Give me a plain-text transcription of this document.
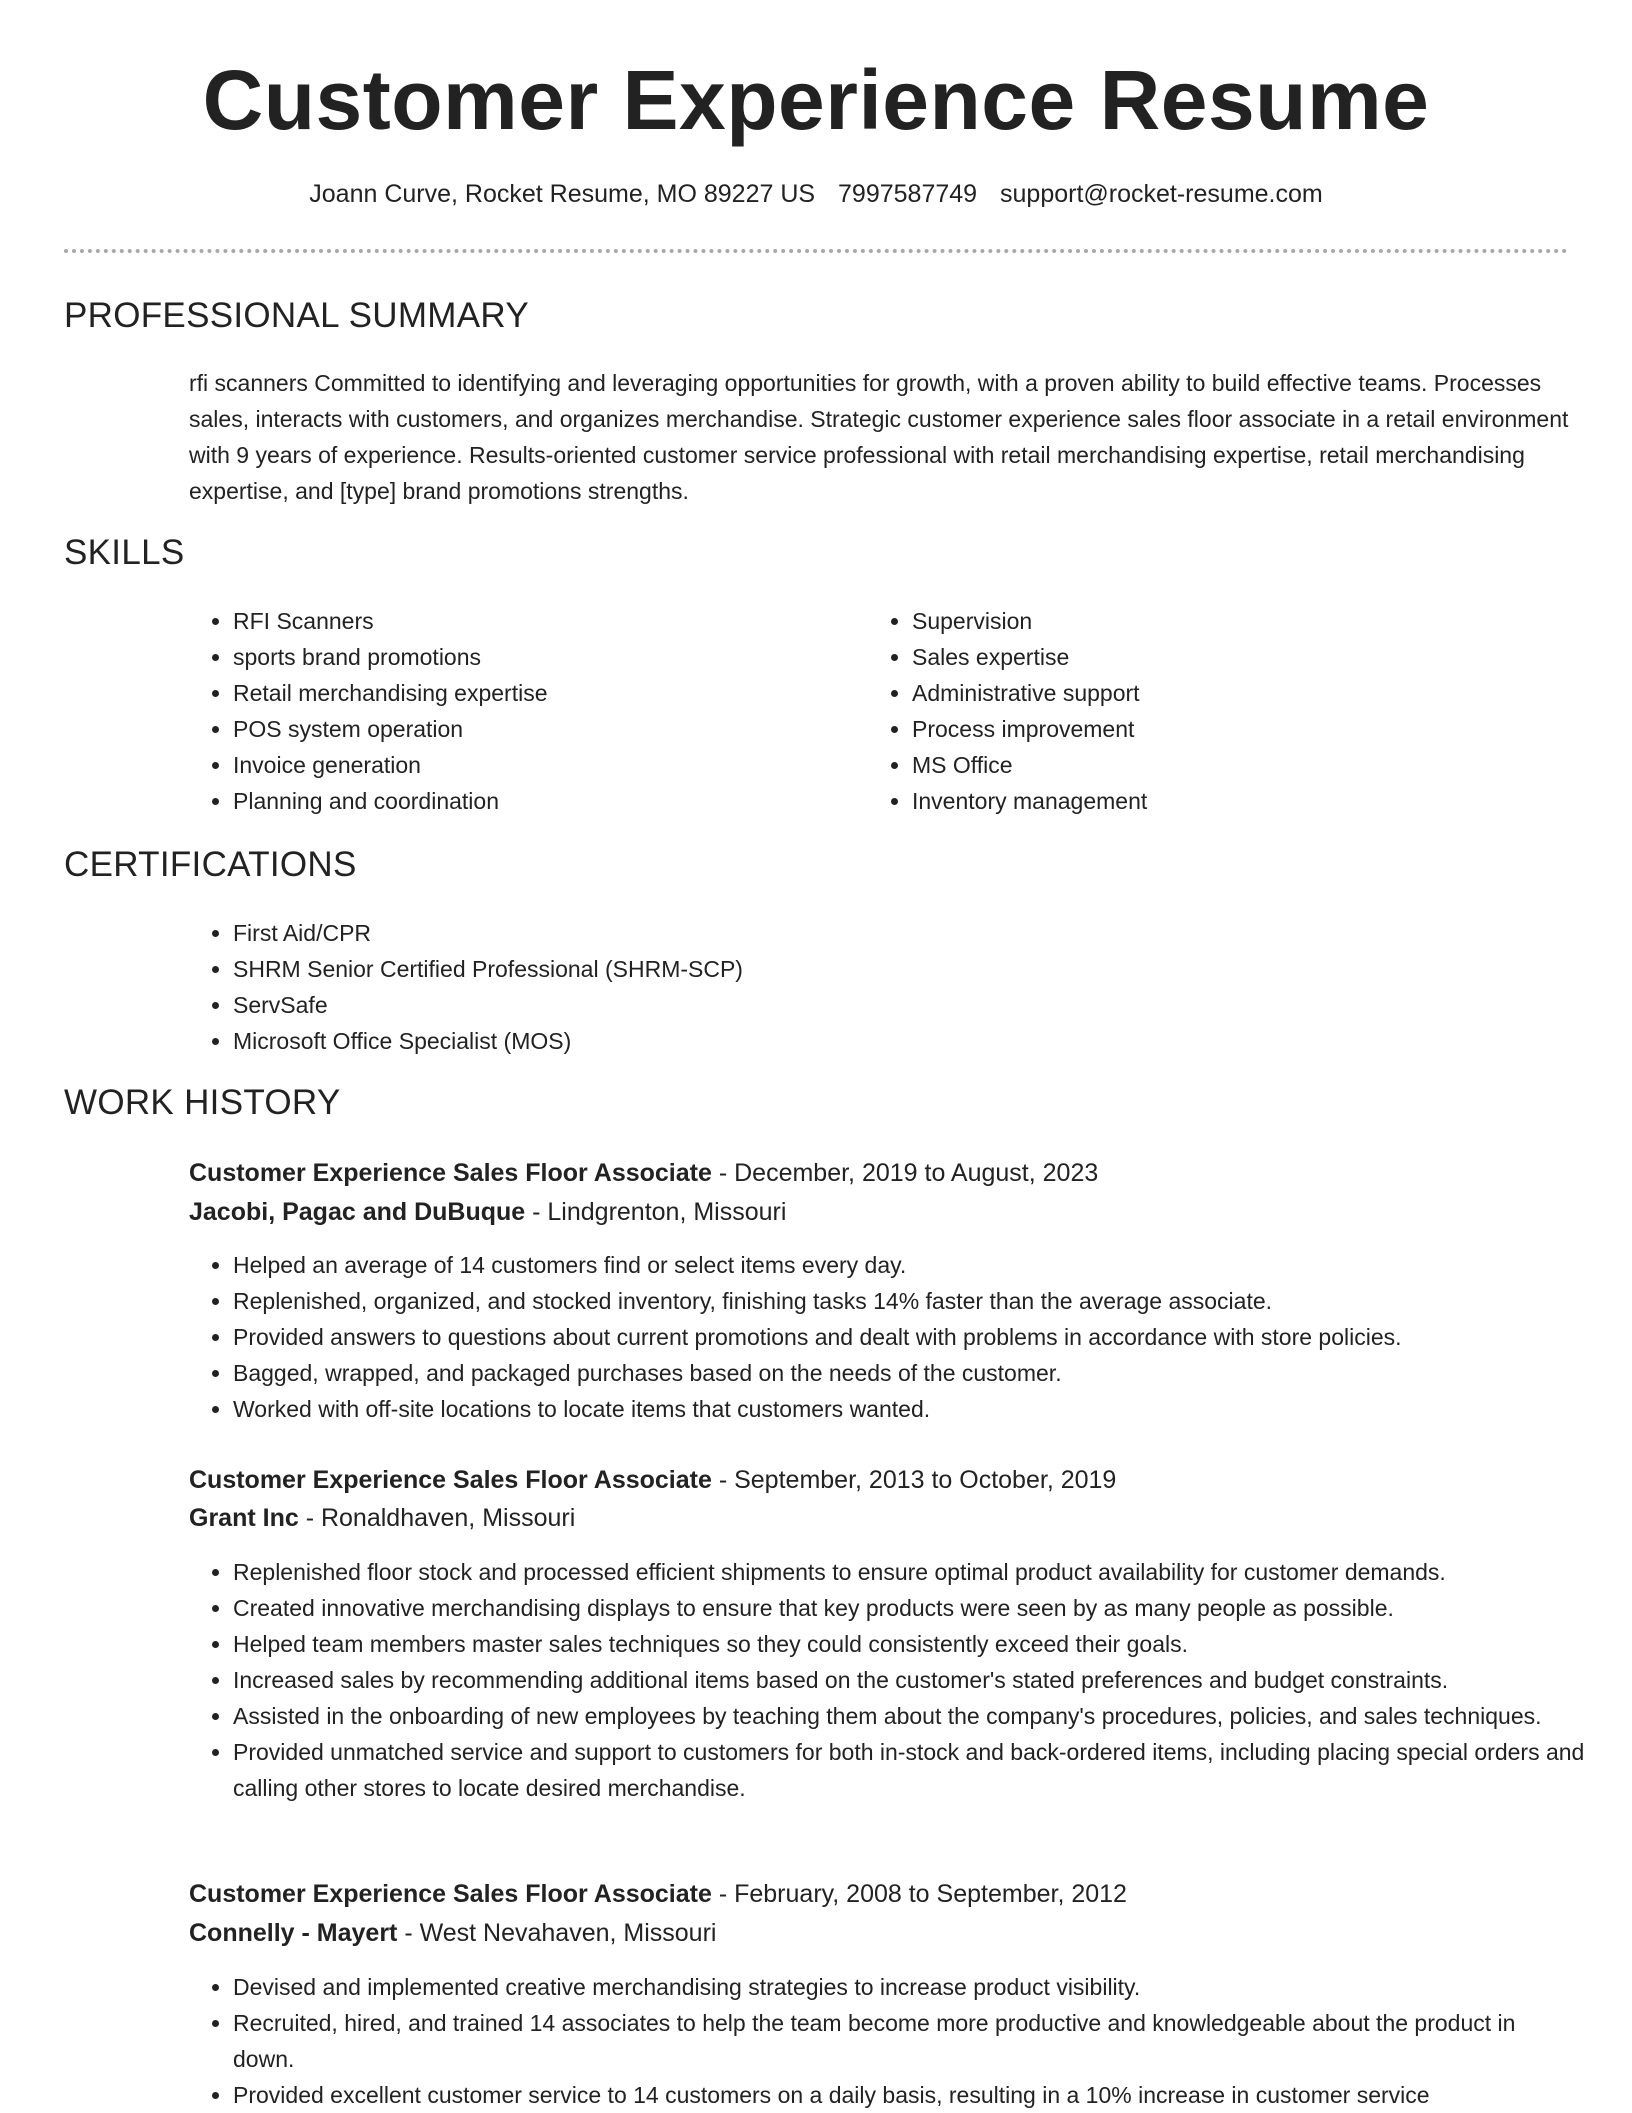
Customer Experience Resume
Joann Curve, Rocket Resume, MO 89227 US 7997587749 support@rocket-resume.com
PROFESSIONAL SUMMARY

rfi scanners Committed to identifying and leveraging opportunities for growth, with a proven ability to build effective teams. Processes sales, interacts with customers, and organizes merchandise. Strategic customer experience sales floor associate in a retail environment with 9 years of experience. Results-oriented customer service professional with retail merchandising expertise, retail merchandising expertise, and [type] brand promotions strengths.

SKILLS
• RFI Scanners
• sports brand promotions
• Retail merchandising expertise
• POS system operation
• Invoice generation
• Planning and coordination
• Supervision
• Sales expertise
• Administrative support
• Process improvement
• MS Office
• Inventory management
CERTIFICATIONS
• First Aid/CPR
• SHRM Senior Certified Professional (SHRM-SCP)
• ServSafe
• Microsoft Office Specialist (MOS)
WORK HISTORY

Customer Experience Sales Floor Associate - December, 2019 to August, 2023

Jacobi, Pagac and DuBuque - Lindgrenton, Missouri

• Helped an average of 14 customers find or select items every day.
• Replenished, organized, and stocked inventory, finishing tasks 14% faster than the average associate.
• Provided answers to questions about current promotions and dealt with problems in accordance with store policies.
• Bagged, wrapped, and packaged purchases based on the needs of the customer.
• Worked with off-site locations to locate items that customers wanted.

Customer Experience Sales Floor Associate - September, 2013 to October, 2019

Grant Inc - Ronaldhaven, Missouri

• Replenished floor stock and processed efficient shipments to ensure optimal product availability for customer demands.
• Created innovative merchandising displays to ensure that key products were seen by as many people as possible.
• Helped team members master sales techniques so they could consistently exceed their goals.
• Increased sales by recommending additional items based on the customer's stated preferences and budget constraints.
• Assisted in the onboarding of new employees by teaching them about the company's procedures, policies, and sales techniques.
• Provided unmatched service and support to customers for both in-stock and back-ordered items, including placing special orders and calling other stores to locate desired merchandise.

Customer Experience Sales Floor Associate - February, 2008 to September, 2012

Connelly - Mayert - West Nevahaven, Missouri

• Devised and implemented creative merchandising strategies to increase product visibility.
• Recruited, hired, and trained 14 associates to help the team become more productive and knowledgeable about the product in down.
• Provided excellent customer service to 14 customers on a daily basis, resulting in a 10% increase in customer service
